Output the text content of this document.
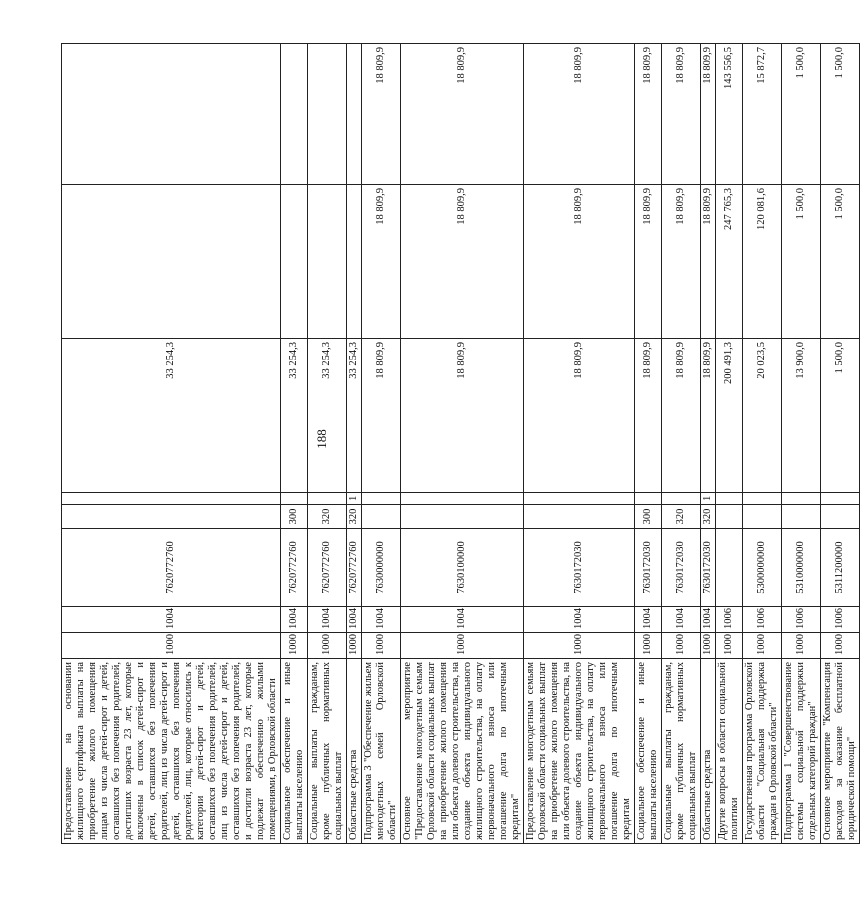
188
Предоставление на основании жилищного сертификата выплаты на приобретение жилого помещения лицам из числа детей-сирот и детей, оставшихся без попечения родителей, достигших возраста 23 лет, которые включены в список детей-сирот и детей, оставшихся без попечения родителей, лиц из числа детей-сирот и детей, оставшихся без попечения родителей, лиц, которые относились к категории детей-сирот и детей, оставшихся без попечения родителей, лиц из числа детей-сирот и детей, оставшихся без попечения родителей, и достигли возраста 23 лет, которые подлежат обеспечению жилыми помещениями, в Орловской области	1000	1004	7620772760			33 254,3		
Социальное обеспечение и иные выплаты населению	1000	1004	7620772760	300		33 254,3		
Социальные выплаты гражданам, кроме публичных нормативных социальных выплат	1000	1004	7620772760	320		33 254,3		
Областные средства	1000	1004	7620772760	320	1	33 254,3		
Подпрограмма 3 "Обеспечение жильем многодетных семей Орловской области"	1000	1004	7630000000			18 809,9	18 809,9	18 809,9
Основное мероприятие "Предоставление многодетным семьям Орловской области социальных выплат на приобретение жилого помещения или объекта долевого строительства, на создание объекта индивидуального жилищного строительства, на оплату первоначального взноса или погашение долга по ипотечным кредитам"	1000	1004	7630100000			18 809,9	18 809,9	18 809,9
Предоставление многодетным семьям Орловской области социальных выплат на приобретение жилого помещения или объекта долевого строительства, на создание объекта индивидуального жилищного строительства, на оплату первоначального взноса или погашение долга по ипотечным кредитам	1000	1004	7630172030			18 809,9	18 809,9	18 809,9
Социальное обеспечение и иные выплаты населению	1000	1004	7630172030	300		18 809,9	18 809,9	18 809,9
Социальные выплаты гражданам, кроме публичных нормативных социальных выплат	1000	1004	7630172030	320		18 809,9	18 809,9	18 809,9
Областные средства	1000	1004	7630172030	320	1	18 809,9	18 809,9	18 809,9
Другие вопросы в области социальной политики	1000	1006				200 491,3	247 765,3	143 556,5
Государственная программа Орловской области "Социальная поддержка граждан в Орловской области"	1000	1006	5300000000			20 023,5	120 081,6	15 872,7
Подпрограмма 1 "Совершенствование системы социальной поддержки отдельных категорий граждан"	1000	1006	5310000000			13 900,0	1 500,0	1 500,0
Основное мероприятие "Компенсация расходов за оказание бесплатной юридической помощи"	1000	1006	5311200000			1 500,0	1 500,0	1 500,0
